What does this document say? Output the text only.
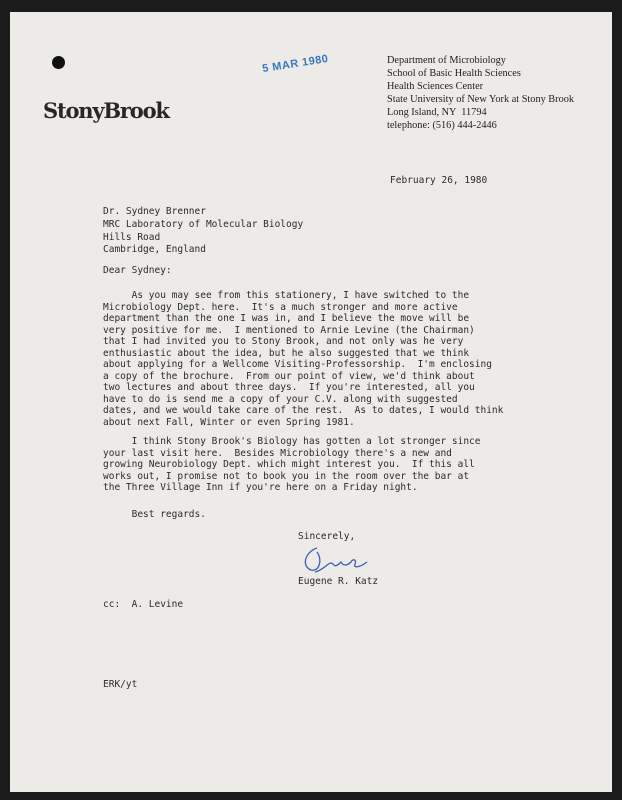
StonyBrook
5 MAR 1980	Department of Microbiology
School of Basic Health Sciences
Health Sciences Center
State University of New York at Stony Brook
Long Island, NY  11794
telephone: (516) 444-2446
February 26, 1980
Dr. Sydney Brenner
MRC Laboratory of Molecular Biology
Hills Road
Cambridge, England
Dear Sydney:
As you may see from this stationery, I have switched to the
Microbiology Dept. here.  It's a much stronger and more active
department than the one I was in, and I believe the move will be
very positive for me.  I mentioned to Arnie Levine (the Chairman)
that I had invited you to Stony Brook, and not only was he very
enthusiastic about the idea, but he also suggested that we think
about applying for a Wellcome Visiting-Professorship.  I'm enclosing
a copy of the brochure.  From our point of view, we'd think about
two lectures and about three days.  If you're interested, all you
have to do is send me a copy of your C.V. along with suggested
dates, and we would take care of the rest.  As to dates, I would think
about next Fall, Winter or even Spring 1981.
I think Stony Brook's Biology has gotten a lot stronger since
your last visit here.  Besides Microbiology there's a new and
growing Neurobiology Dept. which might interest you.  If this all
works out, I promise not to book you in the room over the bar at
the Three Village Inn if you're here on a Friday night.
Best regards.
Sincerely,
Eugene R. Katz
cc:  A. Levine
ERK/yt
